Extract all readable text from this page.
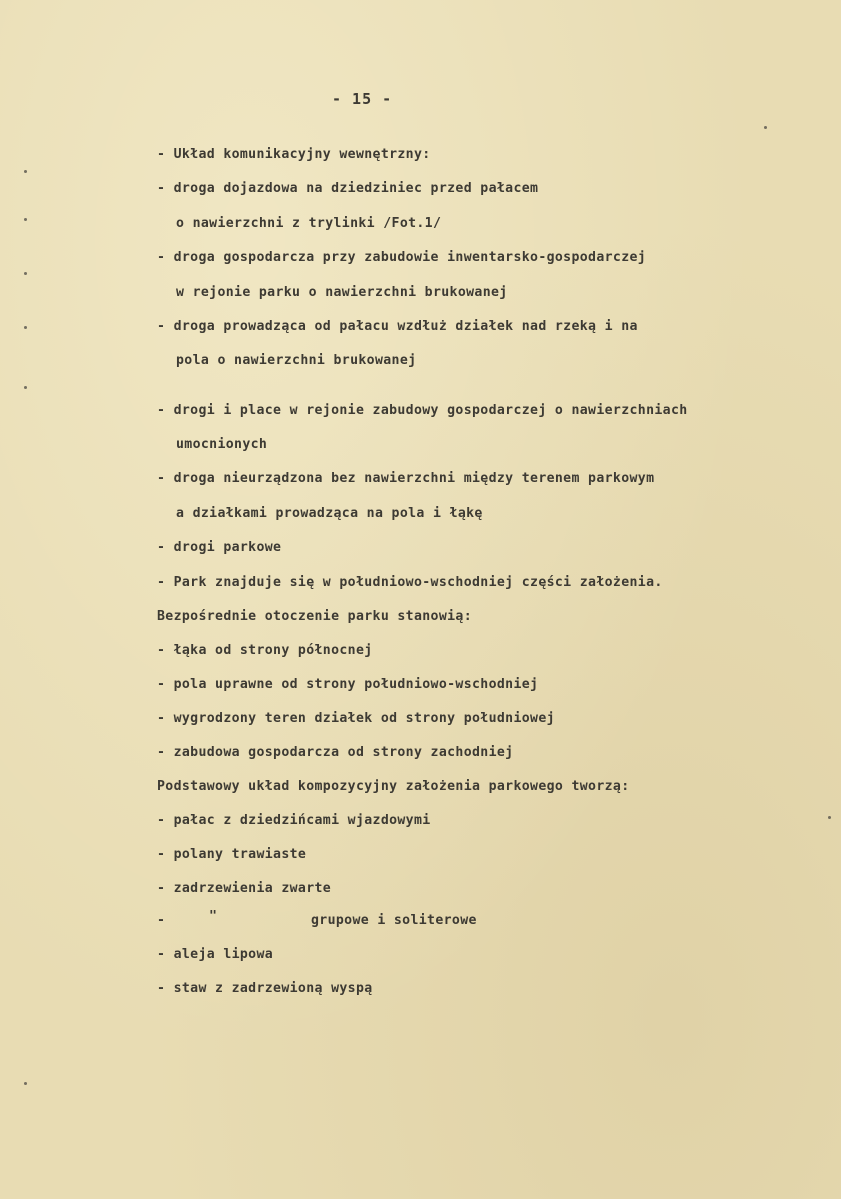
- 15 -
- Układ komunikacyjny wewnętrzny:
- droga dojazdowa na dziedziniec przed pałacem
o nawierzchni z trylinki /Fot.1/
- droga gospodarcza przy zabudowie inwentarsko-gospodarczej
w rejonie parku o nawierzchni brukowanej
- droga prowadząca od pałacu wzdłuż działek nad rzeką i na
pola o nawierzchni brukowanej
- drogi i place w rejonie zabudowy gospodarczej o nawierzchniach
umocnionych
- droga nieurządzona bez nawierzchni między terenem parkowym
a działkami prowadząca na pola i łąkę
- drogi parkowe
- Park znajduje się w południowo-wschodniej części założenia.
Bezpośrednie otoczenie parku stanowią:
- łąka od strony północnej
- pola uprawne od strony południowo-wschodniej
- wygrodzony teren działek od strony południowej
- zabudowa gospodarcza od strony zachodniej
Podstawowy układ kompozycyjny założenia parkowego tworzą:
- pałac z dziedzińcami wjazdowymi
- polany trawiaste
- zadrzewienia zwarte
-	"	grupowe i soliterowe
- aleja lipowa
- staw z zadrzewioną wyspą
